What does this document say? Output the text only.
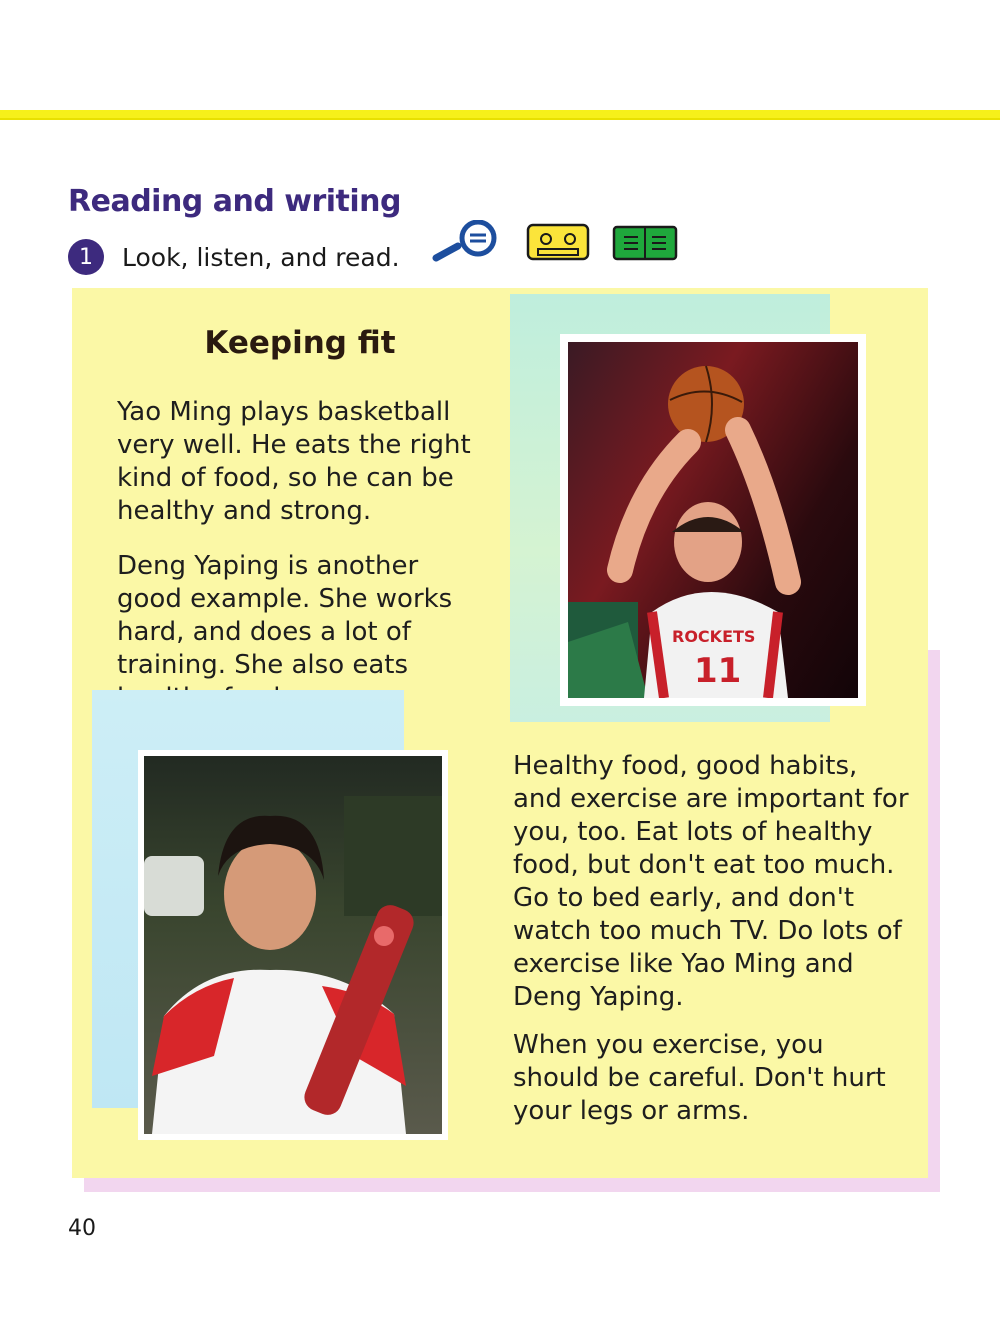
Reading and writing
1	Look, listen, and read.
Keeping fit

Yao Ming plays basketball very well. He eats the right kind of food, so he can be healthy and strong.

Deng Yaping is another good example. She works hard, and does a lot of training. She also eats

ROCKETS
11

Healthy food, good habits, and exercise are important for you, too. Eat lots of healthy food, but don't eat too much. Go to bed early, and don't watch too much TV. Do lots of exercise like Yao Ming and Deng Yaping.

When you exercise, you should be careful. Don't hurt your legs or arms.

40
